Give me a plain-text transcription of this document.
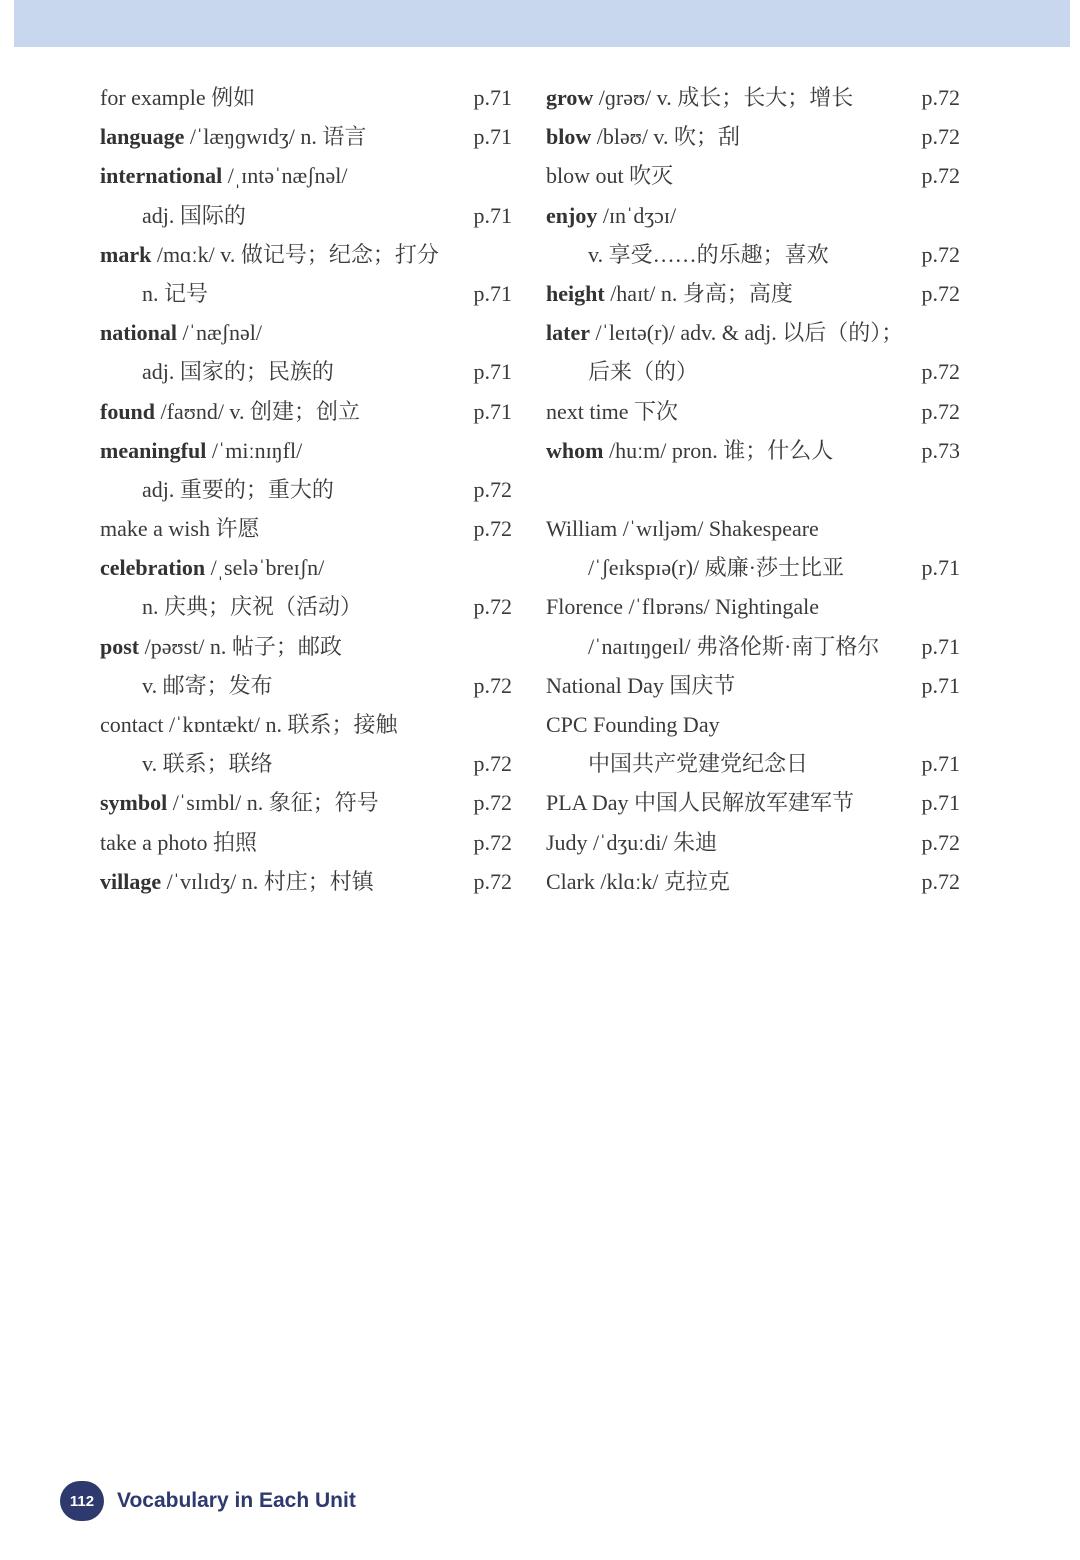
for example 例如	p.71
language /ˈlæŋɡwɪdʒ/ n. 语言	p.71
international /ˌɪntəˈnæʃnəl/
adj. 国际的	p.71
mark /mɑːk/ v. 做记号；纪念；打分
n. 记号	p.71
national /ˈnæʃnəl/
adj. 国家的；民族的	p.71
found /faʊnd/ v. 创建；创立	p.71
meaningful /ˈmiːnɪŋfl/
adj. 重要的；重大的	p.72
make a wish 许愿	p.72
celebration /ˌseləˈbreɪʃn/
n. 庆典；庆祝（活动）	p.72
post /pəʊst/ n. 帖子；邮政
v. 邮寄；发布	p.72
contact /ˈkɒntækt/ n. 联系；接触
v. 联系；联络	p.72
symbol /ˈsɪmbl/ n. 象征；符号	p.72
take a photo 拍照	p.72
village /ˈvɪlɪdʒ/ n. 村庄；村镇	p.72
grow /ɡrəʊ/ v. 成长；长大；增长	p.72
blow /bləʊ/ v. 吹；刮	p.72
blow out 吹灭	p.72
enjoy /ɪnˈdʒɔɪ/
v. 享受……的乐趣；喜欢	p.72
height /haɪt/ n. 身高；高度	p.72
later /ˈleɪtə(r)/ adv. & adj. 以后（的）；
后来（的）	p.72
next time 下次	p.72
whom /huːm/ pron. 谁；什么人	p.73
William /ˈwɪljəm/ Shakespeare
/ˈʃeɪkspɪə(r)/ 威廉·莎士比亚	p.71
Florence /ˈflɒrəns/ Nightingale
/ˈnaɪtɪŋɡeɪl/ 弗洛伦斯·南丁格尔 p.71
National Day 国庆节	p.71
CPC Founding Day
中国共产党建党纪念日	p.71
PLA Day 中国人民解放军建军节	p.71
Judy /ˈdʒuːdi/ 朱迪	p.72
Clark /klɑːk/ 克拉克	p.72
112	Vocabulary in Each Unit
